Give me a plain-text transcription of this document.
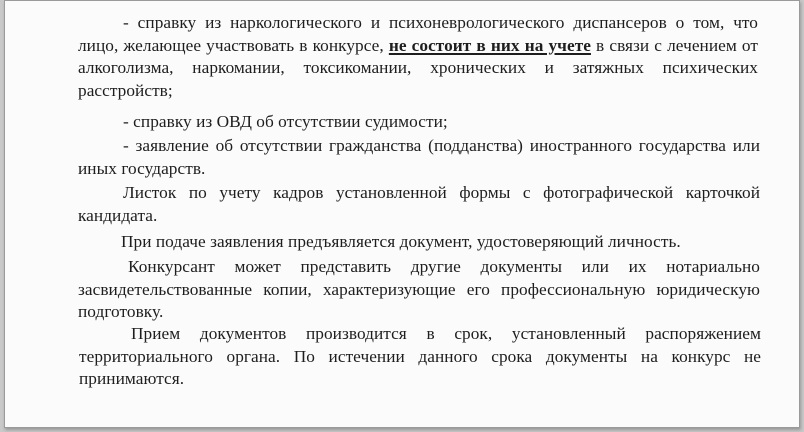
- справку из наркологического и психоневрологического диспансеров о том, что лицо, желающее участвовать в конкурсе, не состоит в них на учете в связи с лечением от алкоголизма, наркомании, токсикомании, хронических и затяжных психических расстройств;

- справку из ОВД об отсутствии судимости;

- заявление об отсутствии гражданства (подданства) иностранного государства или иных государств.

Листок по учету кадров установленной формы с фотографической карточкой кандидата.

При подаче заявления предъявляется документ, удостоверяющий личность.

Конкурсант может представить другие документы или их нотариально засвидетельствованные копии, характеризующие его профессиональную юридическую подготовку.

Прием документов производится в срок, установленный распоряжением территориального органа. По истечении данного срока документы на конкурс не принимаются.
